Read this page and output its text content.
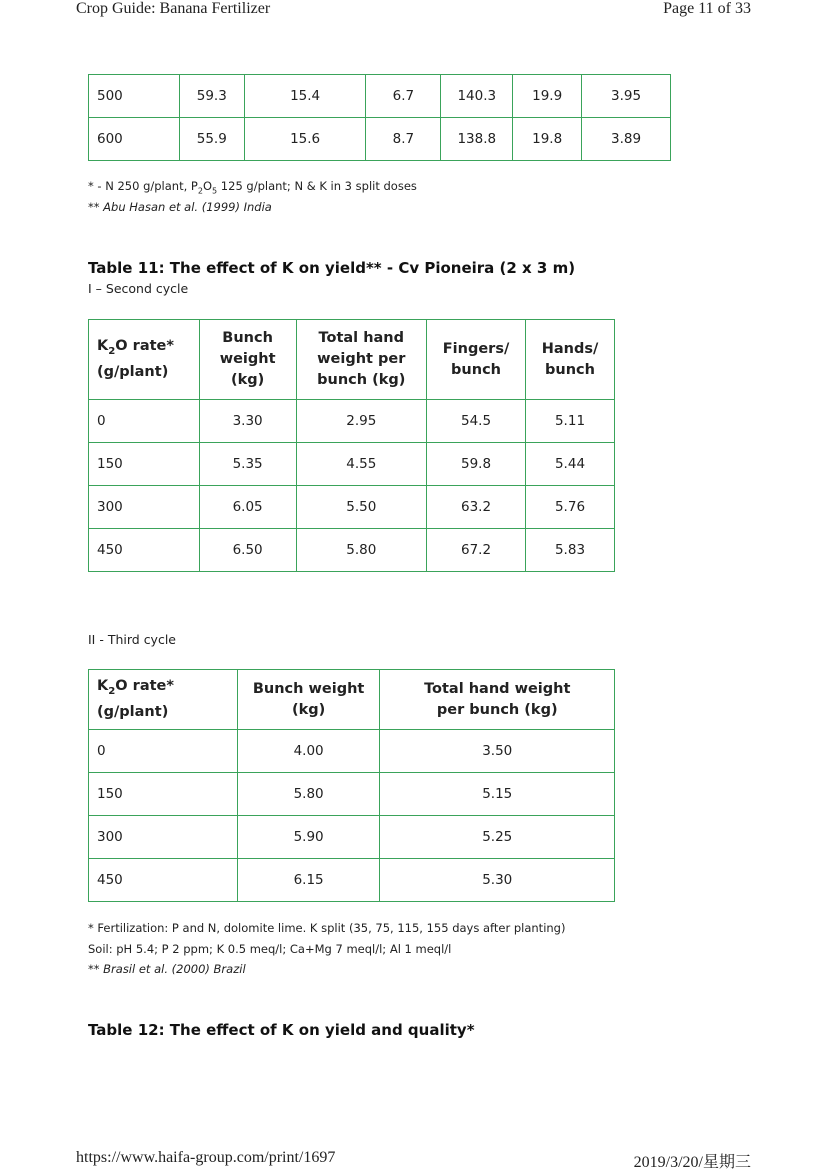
Crop Guide: Banana Fertilizer	Page 11 of 33
500	59.3	15.4	6.7	140.3	19.9	3.95
600	55.9	15.6	8.7	138.8	19.8	3.89
* - N 250 g/plant, $P_2O_5$ 125 g/plant; N & K in 3 split doses
** Abu Hasan et al. (1999) India
Table 11: The effect of K on yield** - Cv Pioneira (2 x 3 m)
I – Second cycle
$K_2O$ rate*
(g/plant)	Bunch weight (kg)	Total hand weight per bunch (kg)	Fingers/ bunch	Hands/ bunch
0	3.30	2.95	54.5	5.11
150	5.35	4.55	59.8	5.44
300	6.05	5.50	63.2	5.76
450	6.50	5.80	67.2	5.83
II - Third cycle
$K_2O$ rate*
(g/plant)	Bunch weight (kg)	Total hand weight per bunch (kg)
0	4.00	3.50
150	5.80	5.15
300	5.90	5.25
450	6.15	5.30
* Fertilization: P and N, dolomite lime. K split (35, 75, 115, 155 days after planting)
Soil: pH 5.4; P 2 ppm; K 0.5 meq/l; Ca+Mg 7 meql/l; Al 1 meql/l
** Brasil et al. (2000) Brazil
Table 12: The effect of K on yield and quality*
https://www.haifa-group.com/print/1697	2019/3/20/星期三
